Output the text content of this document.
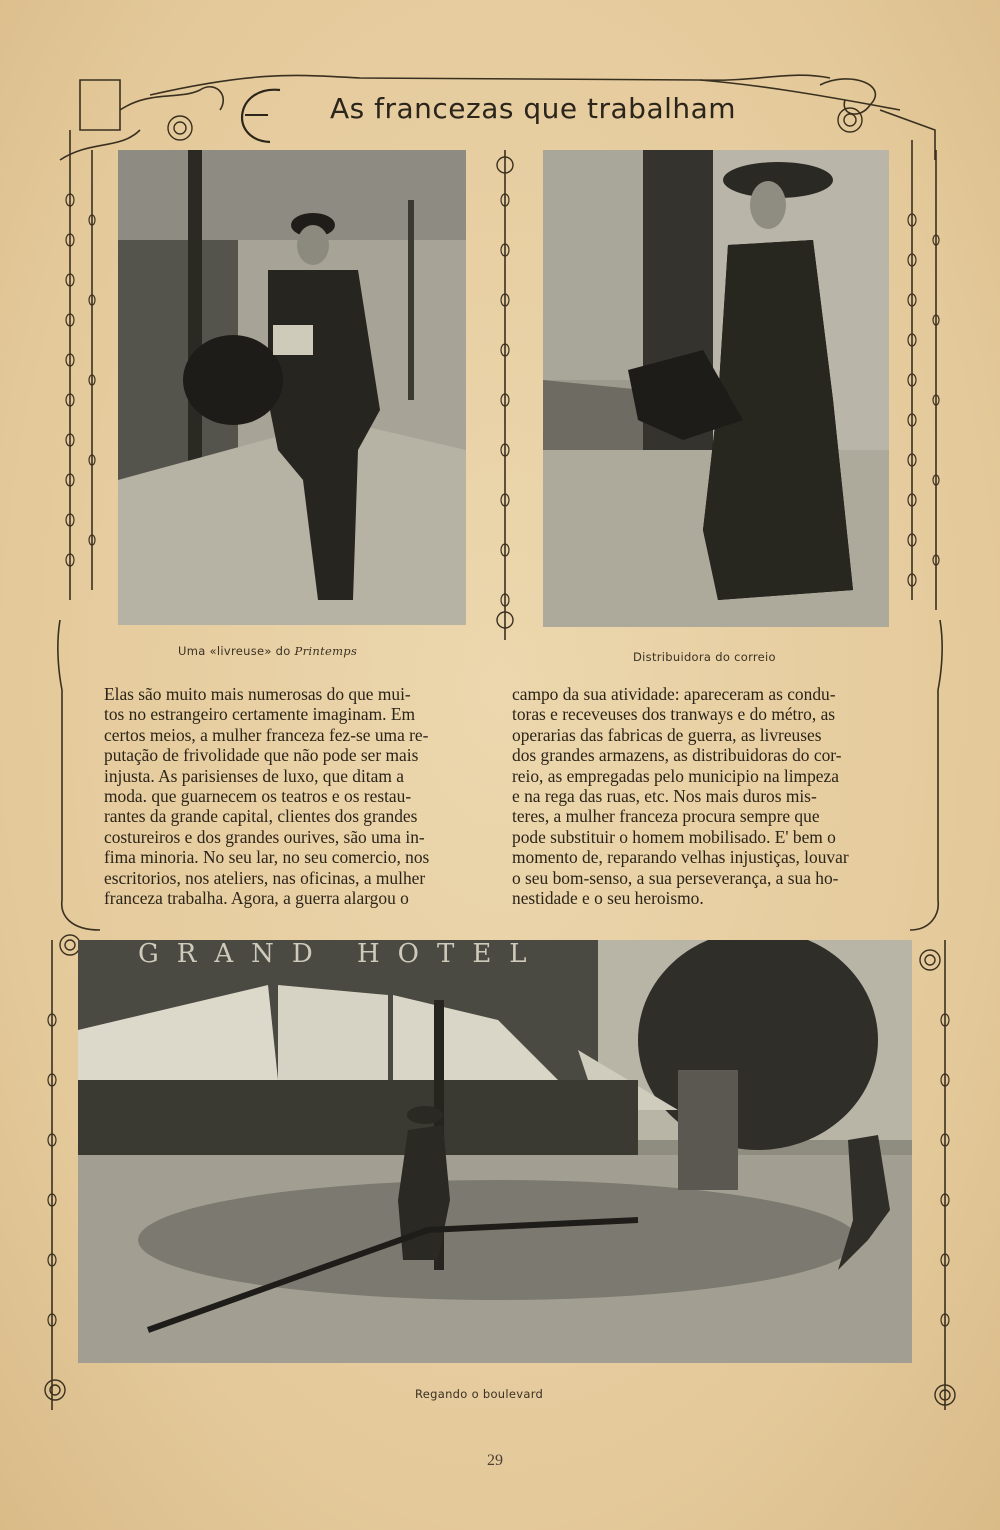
As francezas que trabalham
Uma «livreuse» do Printemps	Distribuidora do correio

Elas são muito mais numerosas do que mui-

tos no estrangeiro certamente imaginam. Em

certos meios, a mulher franceza fez-se uma re-

putação de frivolidade que não pode ser mais

injusta. As parisienses de luxo, que ditam a

moda. que guarnecem os teatros e os restau-

rantes da grande capital, clientes dos grandes

costureiros e dos grandes ourives, são uma in-

fima minoria. No seu lar, no seu comercio, nos

escritorios, nos ateliers, nas oficinas, a mulher

franceza trabalha. Agora, a guerra alargou o

campo da sua atividade: apareceram as condu-

toras e receveuses dos tranways e do métro, as

operarias das fabricas de guerra, as livreuses

dos grandes armazens, as distribuidoras do cor-

reio, as empregadas pelo municipio na limpeza

e na rega das ruas, etc. Nos mais duros mis-

teres, a mulher franceza procura sempre que

pode substituir o homem mobilisado. E' bem o

momento de, reparando velhas injustiças, louvar

o seu bom-senso, a sua perseverança, a sua ho-

nestidade e o seu heroismo.

GRAND HOTEL
Regando o boulevard
29
